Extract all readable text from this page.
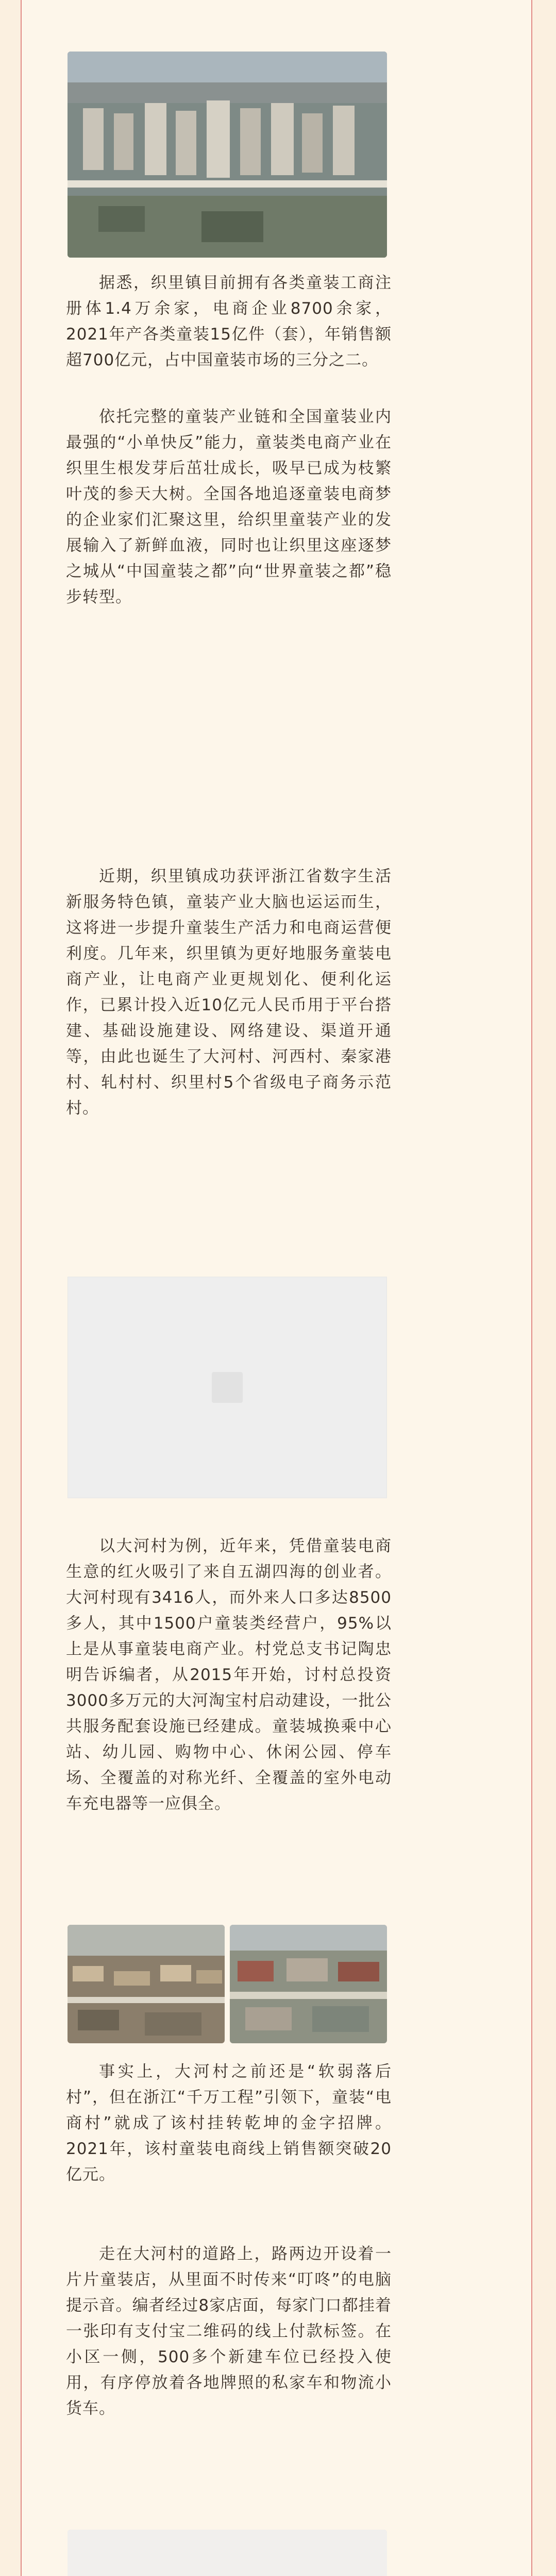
据悉，织里镇目前拥有各类童装工商注册体1.4万余家，电商企业8700余家，2021年产各类童装15亿件（套），年销售额超700亿元，占中国童装市场的三分之二。

依托完整的童装产业链和全国童装业内最强的“小单快反”能力，童装类电商产业在织里生根发芽后茁壮成长，吸早已成为枝繁叶茂的参天大树。全国各地追逐童装电商梦的企业家们汇聚这里，给织里童装产业的发展输入了新鲜血液，同时也让织里这座逐梦之城从“中国童装之都”向“世界童装之都”稳步转型。

近期，织里镇成功获评浙江省数字生活新服务特色镇，童装产业大脑也运运而生，这将进一步提升童装生产活力和电商运营便利度。几年来，织里镇为更好地服务童装电商产业，让电商产业更规划化、便利化运作，已累计投入近10亿元人民币用于平台搭建、基础设施建设、网络建设、渠道开通等，由此也诞生了大河村、河西村、秦家港村、轧村村、织里村5个省级电子商务示范村。

以大河村为例，近年来，凭借童装电商生意的红火吸引了来自五湖四海的创业者。大河村现有3416人，而外来人口多达8500多人，其中1500户童装类经营户，95%以上是从事童装电商产业。村党总支书记陶忠明告诉编者，从2015年开始，讨村总投资3000多万元的大河淘宝村启动建设，一批公共服务配套设施已经建成。童装城换乘中心站、幼儿园、购物中心、休闲公园、停车场、全覆盖的对称光纤、全覆盖的室外电动车充电器等一应俱全。

事实上，大河村之前还是“软弱落后村”，但在浙江“千万工程”引领下，童装“电商村”就成了该村挂转乾坤的金字招牌。2021年，该村童装电商线上销售额突破20亿元。

走在大河村的道路上，路两边开设着一片片童装店，从里面不时传来“叮咚”的电脑提示音。编者经过8家店面，每家门口都挂着一张印有支付宝二维码的线上付款标签。在小区一侧，500多个新建车位已经投入使用，有序停放着各地牌照的私家车和物流小货车。
